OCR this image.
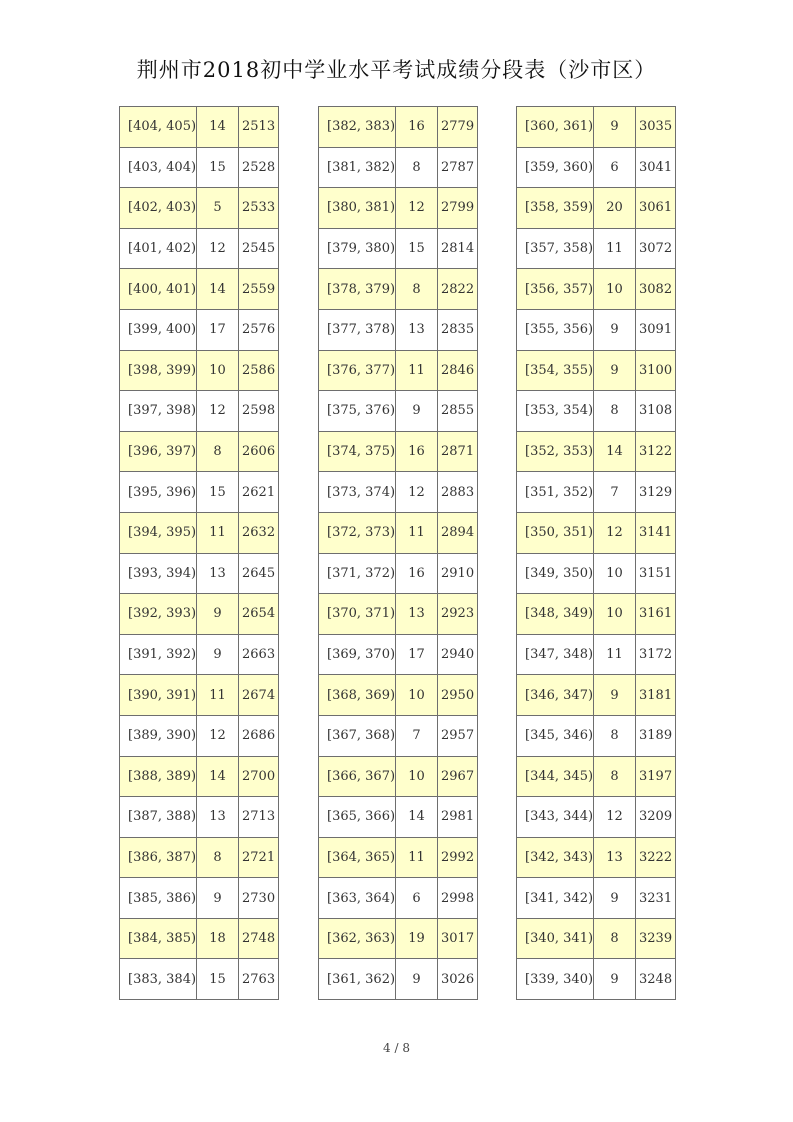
荆州市2018初中学业水平考试成绩分段表（沙市区）
[404, 405)	14	2513
[403, 404)	15	2528
[402, 403)	5	2533
[401, 402)	12	2545
[400, 401)	14	2559
[399, 400)	17	2576
[398, 399)	10	2586
[397, 398)	12	2598
[396, 397)	8	2606
[395, 396)	15	2621
[394, 395)	11	2632
[393, 394)	13	2645
[392, 393)	9	2654
[391, 392)	9	2663
[390, 391)	11	2674
[389, 390)	12	2686
[388, 389)	14	2700
[387, 388)	13	2713
[386, 387)	8	2721
[385, 386)	9	2730
[384, 385)	18	2748
[383, 384)	15	2763
[382, 383)	16	2779
[381, 382)	8	2787
[380, 381)	12	2799
[379, 380)	15	2814
[378, 379)	8	2822
[377, 378)	13	2835
[376, 377)	11	2846
[375, 376)	9	2855
[374, 375)	16	2871
[373, 374)	12	2883
[372, 373)	11	2894
[371, 372)	16	2910
[370, 371)	13	2923
[369, 370)	17	2940
[368, 369)	10	2950
[367, 368)	7	2957
[366, 367)	10	2967
[365, 366)	14	2981
[364, 365)	11	2992
[363, 364)	6	2998
[362, 363)	19	3017
[361, 362)	9	3026
[360, 361)	9	3035
[359, 360)	6	3041
[358, 359)	20	3061
[357, 358)	11	3072
[356, 357)	10	3082
[355, 356)	9	3091
[354, 355)	9	3100
[353, 354)	8	3108
[352, 353)	14	3122
[351, 352)	7	3129
[350, 351)	12	3141
[349, 350)	10	3151
[348, 349)	10	3161
[347, 348)	11	3172
[346, 347)	9	3181
[345, 346)	8	3189
[344, 345)	8	3197
[343, 344)	12	3209
[342, 343)	13	3222
[341, 342)	9	3231
[340, 341)	8	3239
[339, 340)	9	3248
4 / 8
